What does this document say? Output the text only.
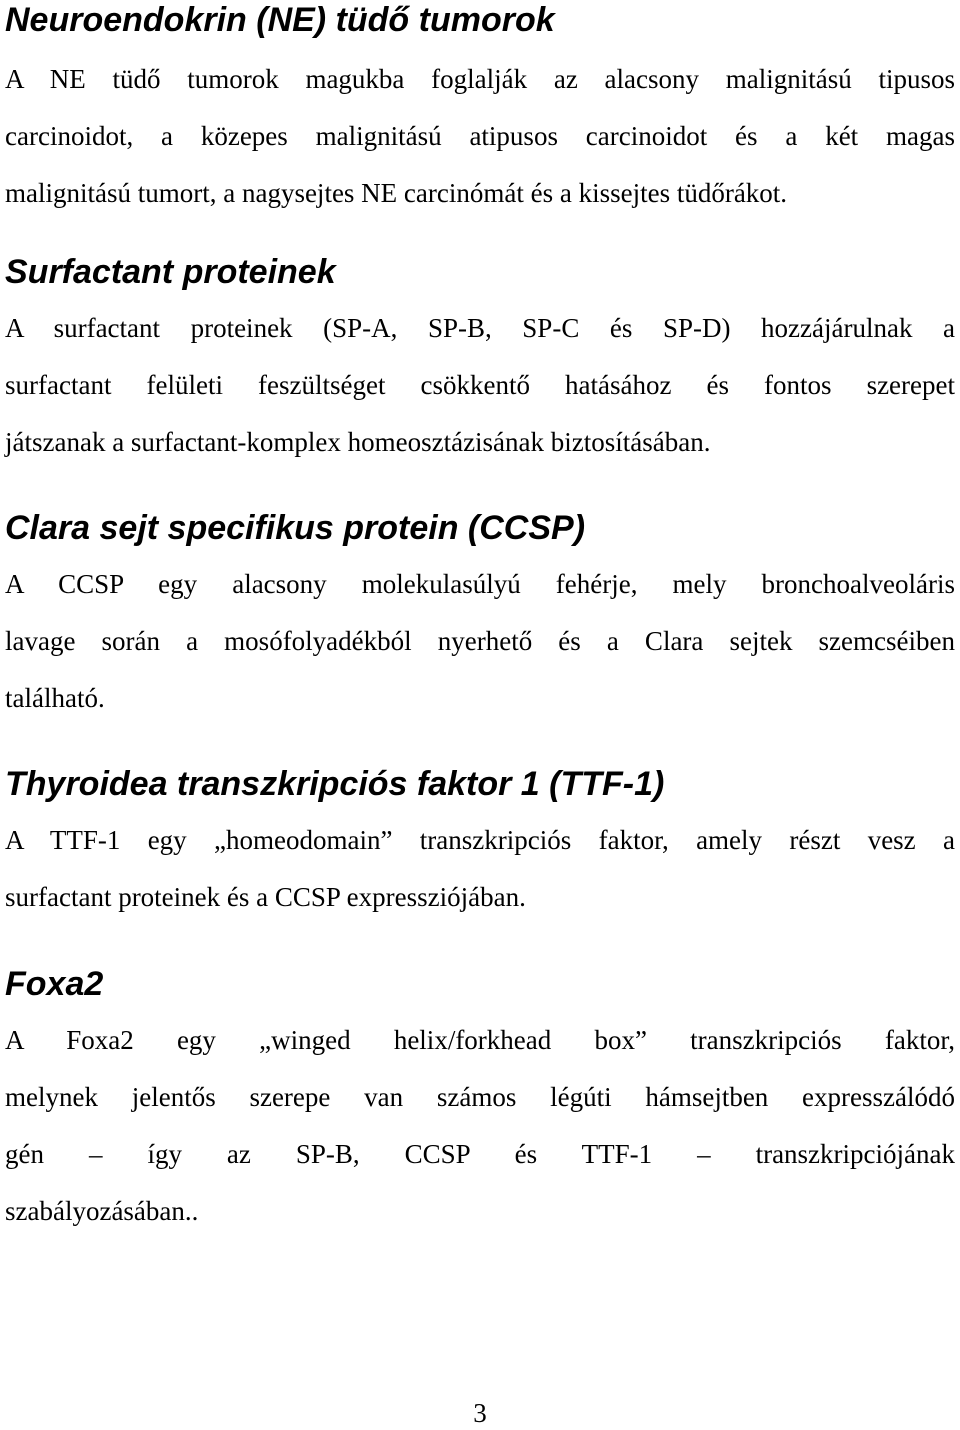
Neuroendokrin (NE) tüdő tumorok

A NE tüdő tumorok magukba foglalják az alacsony malignitású tipusos
carcinoidot, a közepes malignitású atipusos carcinoidot és a két magas
malignitású tumort, a nagysejtes NE carcinómát és a kissejtes tüdőrákot.

Surfactant proteinek

A surfactant proteinek (SP-A, SP-B, SP-C és SP-D) hozzájárulnak a
surfactant felületi feszültséget csökkentő hatásához és fontos szerepet
játszanak a surfactant-komplex homeosztázisának biztosításában.

Clara sejt specifikus protein (CCSP)

A CCSP egy alacsony molekulasúlyú fehérje, mely bronchoalveoláris
lavage során a mosófolyadékból nyerhető és a Clara sejtek szemcséiben
található.

Thyroidea transzkripciós faktor 1 (TTF-1)

A TTF-1 egy „homeodomain” transzkripciós faktor, amely részt vesz a
surfactant proteinek és a CCSP expressziójában.

Foxa2

A Foxa2 egy „winged helix/forkhead box” transzkripciós faktor,
melynek jelentős szerepe van számos légúti hámsejtben expresszálódó
gén – így az SP-B, CCSP és TTF-1 – transzkripciójának
szabályozásában..

3
